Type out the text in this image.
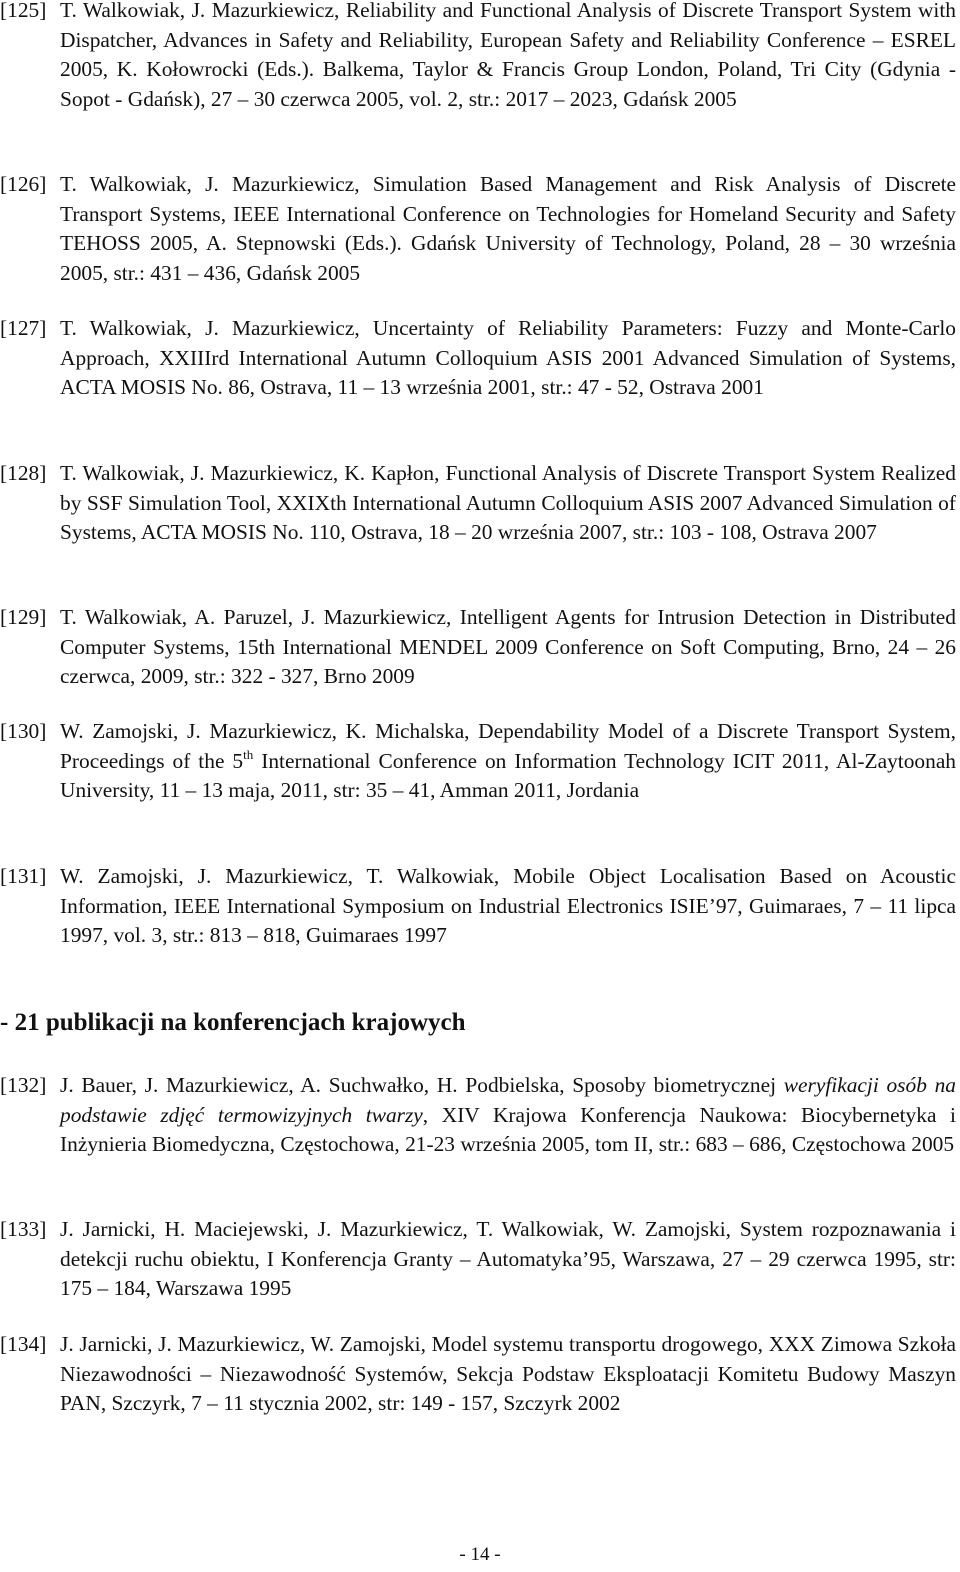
[125] T. Walkowiak, J. Mazurkiewicz, Reliability and Functional Analysis of Discrete Transport System with Dispatcher, Advances in Safety and Reliability, European Safety and Reliability Conference – ESREL 2005, K. Kołowrocki (Eds.). Balkema, Taylor & Francis Group London, Poland, Tri City (Gdynia - Sopot - Gdańsk), 27 – 30 czerwca 2005, vol. 2, str.: 2017 – 2023, Gdańsk 2005
[126] T. Walkowiak, J. Mazurkiewicz, Simulation Based Management and Risk Analysis of Discrete Transport Systems, IEEE International Conference on Technologies for Homeland Security and Safety TEHOSS 2005, A. Stepnowski (Eds.). Gdańsk University of Technology, Poland, 28 – 30 września 2005, str.: 431 – 436, Gdańsk 2005
[127] T. Walkowiak, J. Mazurkiewicz, Uncertainty of Reliability Parameters: Fuzzy and Monte-Carlo Approach, XXIIIrd International Autumn Colloquium ASIS 2001 Advanced Simulation of Systems, ACTA MOSIS No. 86, Ostrava, 11 – 13 września 2001, str.: 47 - 52, Ostrava 2001
[128] T. Walkowiak, J. Mazurkiewicz, K. Kapłon, Functional Analysis of Discrete Transport System Realized by SSF Simulation Tool, XXIXth International Autumn Colloquium ASIS 2007 Advanced Simulation of Systems, ACTA MOSIS No. 110, Ostrava, 18 – 20 września 2007, str.: 103 - 108, Ostrava 2007
[129] T. Walkowiak, A. Paruzel, J. Mazurkiewicz, Intelligent Agents for Intrusion Detection in Distributed Computer Systems, 15th International MENDEL 2009 Conference on Soft Computing, Brno, 24 – 26 czerwca, 2009, str.: 322 - 327, Brno 2009
[130] W. Zamojski, J. Mazurkiewicz, K. Michalska, Dependability Model of a Discrete Transport System, Proceedings of the 5th International Conference on Information Technology ICIT 2011, Al-Zaytoonah University, 11 – 13 maja, 2011, str: 35 – 41, Amman 2011, Jordania
[131] W. Zamojski, J. Mazurkiewicz, T. Walkowiak, Mobile Object Localisation Based on Acoustic Information, IEEE International Symposium on Industrial Electronics ISIE’97, Guimaraes, 7 – 11 lipca 1997, vol. 3, str.: 813 – 818, Guimaraes 1997
- 21 publikacji na konferencjach krajowych
[132] J. Bauer, J. Mazurkiewicz, A. Suchwałko, H. Podbielska, Sposoby biometrycznej weryfikacji osób na podstawie zdjęć termowizyjnych twarzy, XIV Krajowa Konferencja Naukowa: Biocybernetyka i Inżynieria Biomedyczna, Częstochowa, 21-23 września 2005, tom II, str.: 683 – 686, Częstochowa 2005
[133] J. Jarnicki, H. Maciejewski, J. Mazurkiewicz, T. Walkowiak, W. Zamojski, System rozpoznawania i detekcji ruchu obiektu, I Konferencja Granty – Automatyka’95, Warszawa, 27 – 29 czerwca 1995, str: 175 – 184, Warszawa 1995
[134] J. Jarnicki, J. Mazurkiewicz, W. Zamojski, Model systemu transportu drogowego, XXX Zimowa Szkoła Niezawodności – Niezawodność Systemów, Sekcja Podstaw Eksploatacji Komitetu Budowy Maszyn PAN, Szczyrk, 7 – 11 stycznia 2002, str: 149 - 157, Szczyrk 2002
- 14 -
